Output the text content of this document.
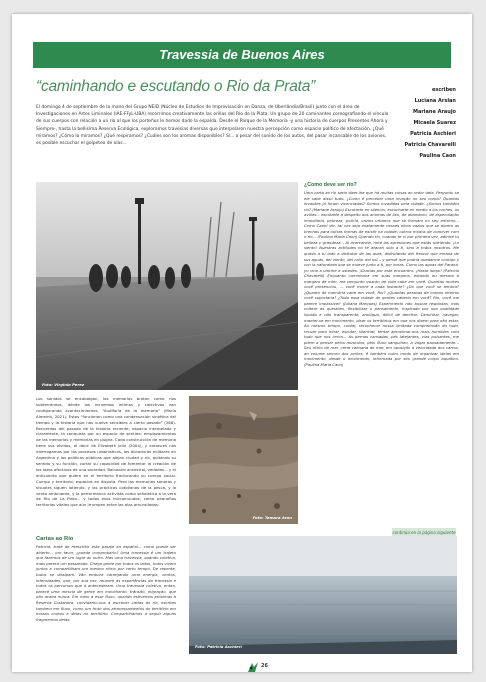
Travessia de Buenos Aires
“caminhando e escutando o Rio da Prata”	escriben
Luciana Arslan
Mariane Araujo
Micaela Suarez
Patricia Aschieri
Patricia Chavarelli
Paulina Caon
El domingo 4 de septiembre de la mano del Grupo NEID (Núcleo de Estudios de Improvisación en Danza, de Uberlândia/Brasil) junto con el área de Investigaciones en Artes Liminales (IAE-FFyL-UBA) recorrimos creativamente las orillas del Río de la Plata. Un grupo de 20 caminantes coreografiando el vínculo de sus cuerpos con relación a un río al que los porteños le hemos dado la espalda. Desde el Parque de la Memoria -y una historia de cuerpos Presentes Ahora y Siempre-, hasta la bellisima Reserva Ecológica, exploramos travesias diversas que interpelaron nuestra percepción como espacio político de afectación. ¿Qué miramos? ¿Cómo lo miramos? ¿Qué respiramos? ¿Cuáles son los aromas disponibles? Sí... a pesar del sonido de los autos, del pasar incansable de los aviones, es posible escuchar el golpeteo de olas...
Foto: Virginia Perez
Los sonidos se encabalgan, las memorias brotan como ríos subterráneos, dónde los recuerdos íntimos y colectivos van configurando acontecimientos. “Audiforia de la memoria” (Maria Almeinti, 2021). Estos “funcionan como una condensación sintética del tiempo y la historia que nos vuelve sensibles a cierto pasado” (268). Recuerdos del pasado de la historia reciente, espacio interpelado y claramente, la conquista por un espacio de sentido: emplazamientos de las memorias y memorias en pugna. Cada construcción de memoria tiene sus olvidos, al decir de Elizabeth Jelín (2004), y entonces nos interrogamos por los procesos urbanisticos, las dictaduras militares en Argentina y las políticas públicas que alejan ciudad y río, quitando su sentido y su función, cortar su capacidad de fomentar la creación de los lazos afectivos de una sociedad. Balneario ancestral, vedados... y el anticuento que quiero en el territorio fracturando su cuerpo social. Cuerpo y territorio, espacios en disputa. Pero las memorias sonoras y visuales siguen latiendo, y las prácticas cotidianas de la pesca, y la venta ambulante, y la performance activista como señaletica a la vera de Río de La Plata... y todos esos micromundos, como pequeños territorios vitales que aún irrumpen entre las olas amuralladas.
Foto: Tamara Aron
Cartas ao Río
Patricia, traté de reescribir este pasaje en español... como puede ser abierto... por favor, ¿puede comprobarlo? Uma travessia é um trajeto que fazemos de um lugar ao outro. Mas uma travessia, quando coletiva, mais parece um passarado. Chega gente por todos os lados, todos vivem juntos e compartilham um mesmo ritmo por certo tempo. De repente, todos se dissipam. Vão embora carregando uma energia, ventos, intensidades, que, por sua vez, reúnem as experiências da travessia e todos os percursos que a antecederam. Uma travessia coletiva, entao, parece uma mescla de gente em movimento, trânsito, migração, que não acaba nunca. Em meio a esse fluxo, quando estivemos próximas à Reserva Costanera, convidamo-nos a escrever cartas ao río, escritas tambem em fluxo, como um fruto dos atravessamentos do território em nossos corpos e deles no território. Compartilhamos a seguir alguns fragmentos delas:
¿Como deve ser río?
Uma carta ao rio seria dizer-lhe que há muitas coisas ao redor dele. Pergunto se ele sabe disso tudo. ¿Como é perceber uma invação no seu corpo? Quantas invasões já foram vivenciadas? Somos invadidas pela cidade. ¿Somos também rio? (Mariane Araujo) Escutarte en silencio, escucharte en medio a los coches, os aviões... escutarte a despeito dos anomas de lixo, de abandono, de especulação imobiliária, pobreza, polícia, vazios urbanos que se formam no seu entorno... Como Caeiri diz, tal vez seja exatamente nesses olhos vazios que se abrem as brechas para outras formas de existir na cidade; outros modos de conviver com o rio... (Paulina Maria Caon) Querido río, cuando te vi por primera vez, admiré tu belleza y grandeza... Al acercarme, noté las agresiones que estás sufriendo. ¡Lo siento! Nuestras actitudes no te atacan solo a ti, sino a todos nosotros. Me quedo a tu lado a disfrutar de las aves, disfrutando del frescor que emana de sus aguas, del viento, del calor del sol... y pensé que podría quedarme contigo y con la naturaleza que se mueve junto a ti, por horas. Como las aguas del Paraná, yo vine a unirme a ustedes. ¡Gracias por este encuentro. ¡Hasta luego! (Patricia Chavarelli) Enquanto caminhava em suas margens, estando eu mesma à margem de mim, me pergunto quanto de vida cabe em você. Quantas mortes você presenciou, ... você morre a cada instante? ¿Do que você se lembra? ¿Quanto de memória cabe em você, Rio? ¿Quantas pessoas de corpos inteiros você suportaria? ¿Toda essa cidade de gentes caberia em você? Rio, você me parece impassivel! (Juliana Marques) Experimento não buscar respostas, mas voltear as questões, flexibilizar o pensamento, inspirado por sua qualidade líquida e não transparente, ambígua, difícil de decifrar. Caminhar, navegar, manter-se em movimento, pisar os territórios em que nos dizem para não estar. Ao mesmo tempo, cuidar, reconhecer nossa limitada compreensão do todo, recuar para mirar, escutar, silenciar, tentar aproximar-nos mais humildes com tudo que nos cerca... As pernas cansadas, pés latejantes, vias pulsantes, me pilem a pensar pelos músculos, pelo fluxo sanguíneo, a vagar pausadamente... Seu ritmo de mar, certa calmaria de mar, em oposição à velocidade dos carros, ao volume sonoro dos aviões, é também outro modo de organizar ideias em movimento, desde o movimento, informada por seu grande corpo aquático. (Paulina Maria Caon)
continúa en la página siguiente
Foto: Patricia Aschieri
26
